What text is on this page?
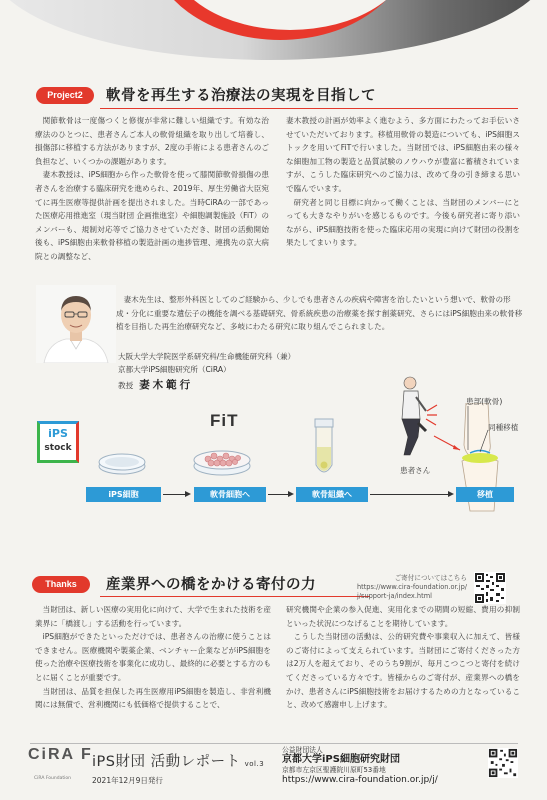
Project2	軟骨を再生する治療法の実現を目指して

関節軟骨は一度傷つくと修復が非常に難しい組織です。有効な治療法のひとつに、患者さんご本人の軟骨組織を取り出して培養し、損傷部に移植する方法がありますが、2度の手術による患者さんのご負担など、いくつかの課題があります。

妻木教授は、iPS細胞から作った軟骨を使って膝関節軟骨損傷の患者さんを治療する臨床研究を進められ、2019年、厚生労働省大臣宛てに再生医療等提供計画を提出されました。当時CiRAの一部であった医療応用推進室（現当財団 企画推進室）や細胞調製施設（FiT）のメンバーも、規制対応等でご協力させていただき、財団の活動開始後も、iPS細胞由来軟骨移植の製造計画の進捗管理、連携先の京大病院との調整など、

妻木教授の計画が効率よく進むよう、多方面にわたってお手伝いさせていただいております。移植用軟骨の製造についても、iPS細胞ストックを用いてFiTで行いました。当財団では、iPS細胞由来の様々な細胞加工物の製造と品質試験のノウハウが豊富に蓄積されていますが、こうした臨床研究へのご協力は、改めて身の引き締まる思いで臨んでいます。

研究者と同じ目標に向かって働くことは、当財団のメンバーにとっても大きなやりがいを感じるものです。今後も研究者に寄り添いながら、iPS細胞技術を使った臨床応用の実現に向けて財団の役割を果たしてまいります。

妻木先生は、整形外科医としてのご経験から、少しでも患者さんの疾病や障害を治したいという想いで、軟骨の形成・分化に重要な遺伝子の機能を調べる基礎研究、骨系統疾患の治療薬を探す創薬研究、さらにはiPS細胞由来の軟骨移植を目指した再生治療研究など、多岐にわたる研究に取り組んでこられました。
大阪大学大学院医学系研究科/生命機能研究科（兼）
京都大学iPS細胞研究所（CiRA）
教授 妻木範行
iPS
stock
FiT
患者さん
患部(軟骨)
同種移植
iPS細胞	軟骨細胞へ	軟骨組織へ	移植
Thanks	産業界への橋をかける寄付の力	ご寄付についてはこちら
https://www.cira-foundation.or.jp/
j/support-ja/index.html

当財団は、新しい医療の実用化に向けて、大学で生まれた技術を産業界に「橋渡し」する活動を行っています。

iPS細胞ができたといっただけでは、患者さんの治療に使うことはできません。医療機関や製薬企業、ベンチャー企業などがiPS細胞を使った治療や医療技術を事業化に成功し、最終的に必要とする方のもとに届くことが重要です。

当財団は、品質を担保した再生医療用iPS細胞を製造し、非営利機関には無償で、営利機関にも低価格で提供することで、

研究機関や企業の参入促進、実用化までの期間の短縮、費用の抑制といった状況につなげることを期待しています。

こうした当財団の活動は、公的研究費や事業収入に加えて、皆様のご寄付によって支えられています。当財団にご寄付くださった方は2万人を超えており、そのうち9割が、毎月こつこつと寄付を続けてくださっている方々です。皆様からのご寄付が、産業界への橋をかけ、患者さんにiPS細胞技術をお届けするための力となっていること、改めて感謝申し上げます。

CiRA F
CiRA Foundation
iPS財団 活動レポート vol.3
2021年12月9日発行
公益財団法人
京都大学iPS細胞研究財団
京都市左京区聖護院川原町53番地
https://www.cira-foundation.or.jp/j/
